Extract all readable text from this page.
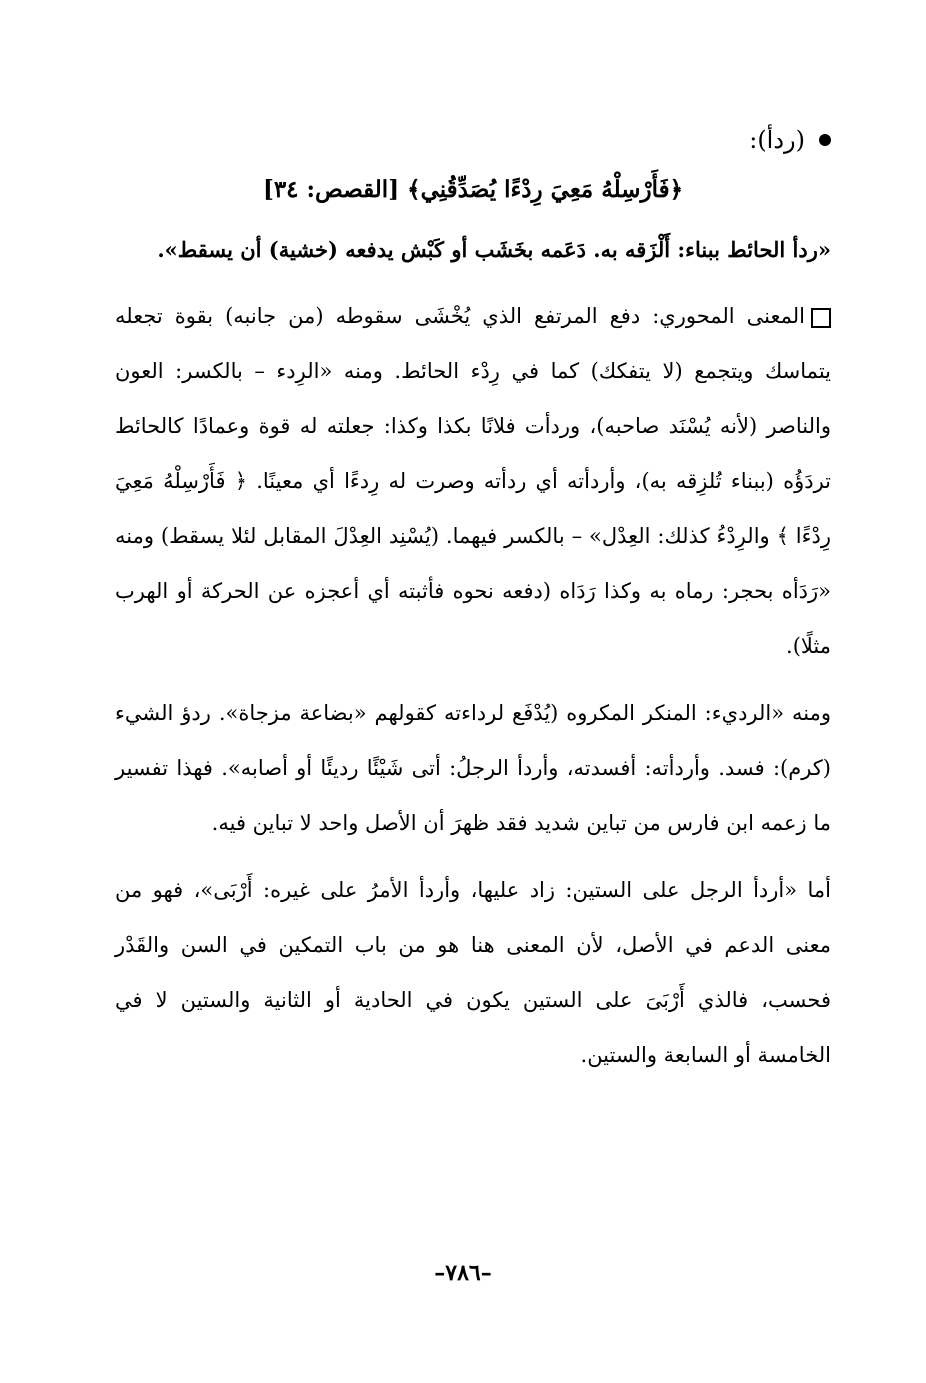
(ردأ):
﴿فَأَرْسِلْهُ مَعِيَ رِدْءًا يُصَدِّقُنِي﴾ [القصص: ٣٤]

«ردأ الحائط ببناء: أَلْزَقه به. دَعَمه بخَشَب أو كَبْش يدفعه (خشية) أن يسقط».

المعنى المحوري: دفع المرتفع الذي يُخْشَى سقوطه (من جانبه) بقوة تجعله يتماسك ويتجمع (لا يتفكك) كما في رِدْء الحائط. ومنه «الرِدء – بالكسر: العون والناصر (لأنه يُسْنَد صاحبه)، وردأت فلانًا بكذا وكذا: جعلته له قوة وعمادًا كالحائط تردَؤُه (ببناء تُلزِقه به)، وأردأته أي ردأته وصرت له رِدءًا أي معينًا. ﴿ فَأَرْسِلْهُ مَعِيَ رِدْءًا ﴾ والرِدْءُ كذلك: العِدْل» – بالكسر فيهما. (يُسْنِد العِدْلَ المقابل لئلا يسقط) ومنه «رَدَأه بحجر: رماه به وكذا رَدَاه (دفعه نحوه فأثبته أي أعجزه عن الحركة أو الهرب مثلًا).

ومنه «الرديء: المنكر المكروه (يُدْفَع لرداءته كقولهم «بضاعة مزجاة». ردؤ الشيء (كرم): فسد. وأردأته: أفسدته، وأردأ الرجلُ: أتى شَيْئًا رديئًا أو أصابه». فهذا تفسير ما زعمه ابن فارس من تباين شديد فقد ظهرَ أن الأصل واحد لا تباين فيه.

أما «أردأ الرجل على الستين: زاد عليها، وأردأ الأمرُ على غيره: أَرْبَى»، فهو من معنى الدعم في الأصل، لأن المعنى هنا هو من باب التمكين في السن والقَدْر فحسب، فالذي أَرْبَىَ على الستين يكون في الحادية أو الثانية والستين لا في الخامسة أو السابعة والستين.

–٧٨٦–
